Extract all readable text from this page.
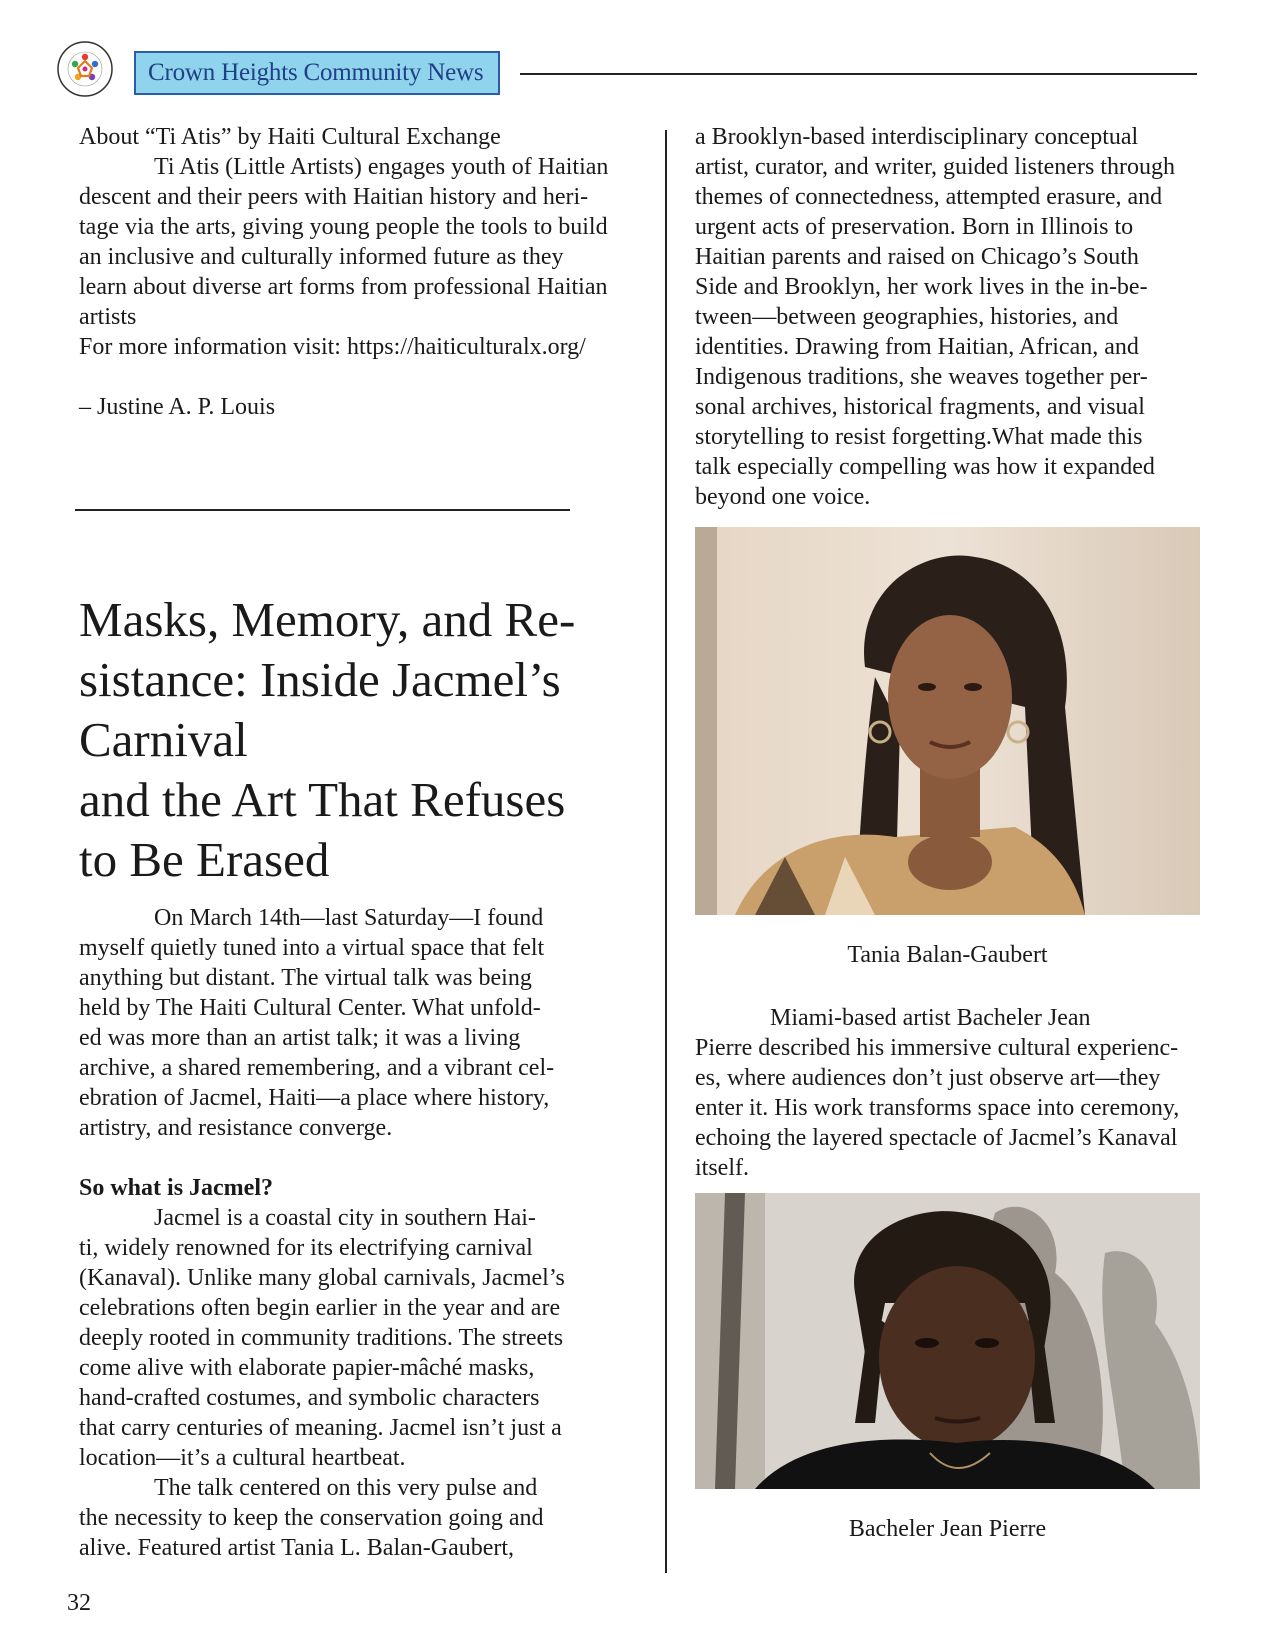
Crown Heights Community News

About “Ti Atis” by Haiti Cultural Exchange

Ti Atis (Little Artists) engages youth of Haitian

descent and their peers with Haitian history and heri-

tage via the arts, giving young people the tools to build

an inclusive and culturally informed future as they

learn about diverse art forms from professional Haitian

artists

For more information visit: https://haiticulturalx.org/

– Justine A. P. Louis

Masks, Memory, and Re-
sistance: Inside Jacmel’s
Carnival
and the Art That Refuses
to Be Erased

On March 14th—last Saturday—I found

myself quietly tuned into a virtual space that felt

anything but distant. The virtual talk was being

held by The Haiti Cultural Center. What unfold-

ed was more than an artist talk; it was a living

archive, a shared remembering, and a vibrant cel-

ebration of Jacmel, Haiti—a place where history,

artistry, and resistance converge.

So what is Jacmel?

Jacmel is a coastal city in southern Hai-

ti, widely renowned for its electrifying carnival

(Kanaval). Unlike many global carnivals, Jacmel’s

celebrations often begin earlier in the year and are

deeply rooted in community traditions. The streets

come alive with elaborate papier-mâché masks,

hand-crafted costumes, and symbolic characters

that carry centuries of meaning. Jacmel isn’t just a

location—it’s a cultural heartbeat.

The talk centered on this very pulse and

the necessity to keep the conservation going and

alive. Featured artist Tania L. Balan-Gaubert,

a Brooklyn-based interdisciplinary conceptual

artist, curator, and writer, guided listeners through

themes of connectedness, attempted erasure, and

urgent acts of preservation. Born in Illinois to

Haitian parents and raised on Chicago’s South

Side and Brooklyn, her work lives in the in-be-

tween—between geographies, histories, and

identities. Drawing from Haitian, African, and

Indigenous traditions, she weaves together per-

sonal archives, historical fragments, and visual

storytelling to resist forgetting.What made this

talk especially compelling was how it expanded

beyond one voice.

Tania Balan-Gaubert

Miami-based artist Bacheler Jean

Pierre described his immersive cultural experienc-

es, where audiences don’t just observe art—they

enter it. His work transforms space into ceremony,

echoing the layered spectacle of Jacmel’s Kanaval

itself.

Bacheler Jean Pierre
32
